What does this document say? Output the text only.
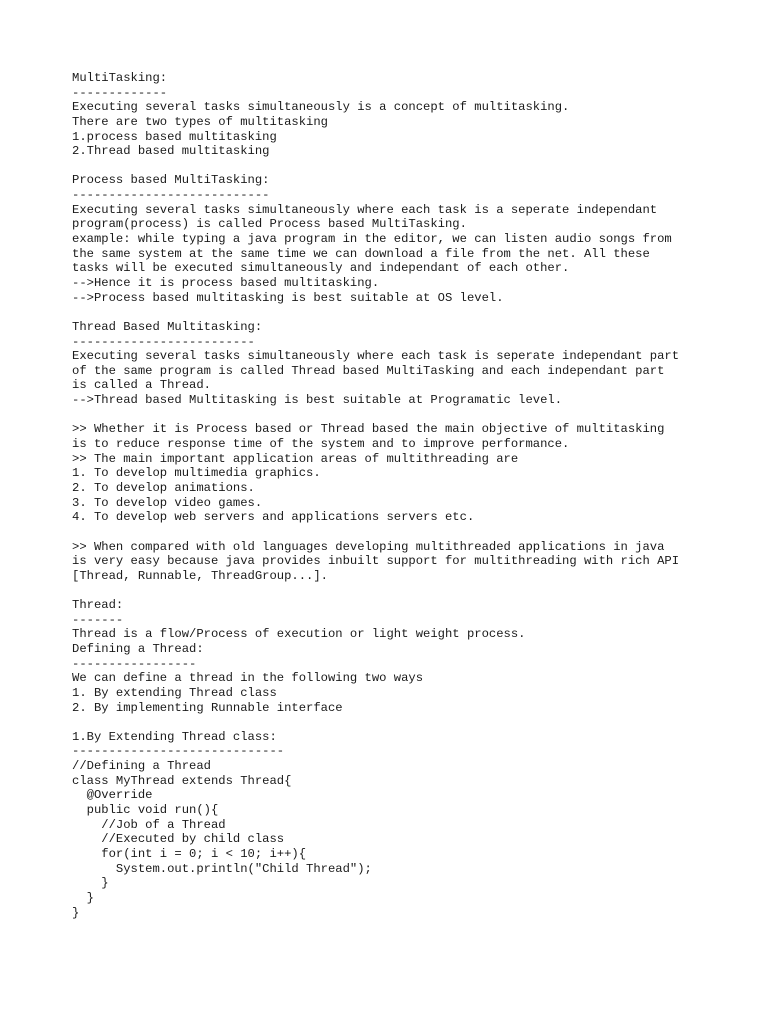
MultiTasking:
-------------
Executing several tasks simultaneously is a concept of multitasking.
There are two types of multitasking
1.process based multitasking
2.Thread based multitasking
Process based MultiTasking:
---------------------------
Executing several tasks simultaneously where each task is a seperate independant
program(process) is called Process based MultiTasking.
example: while typing a java program in the editor, we can listen audio songs from
the same system at the same time we can download a file from the net. All these
tasks will be executed simultaneously and independant of each other.
-->Hence it is process based multitasking.
-->Process based multitasking is best suitable at OS level.
Thread Based Multitasking:
-------------------------
Executing several tasks simultaneously where each task is seperate independant part
of the same program is called Thread based MultiTasking and each independant part
is called a Thread.
-->Thread based Multitasking is best suitable at Programatic level.
>> Whether it is Process based or Thread based the main objective of multitasking
is to reduce response time of the system and to improve performance.
>> The main important application areas of multithreading are
1. To develop multimedia graphics.
2. To develop animations.
3. To develop video games.
4. To develop web servers and applications servers etc.
>> When compared with old languages developing multithreaded applications in java
is very easy because java provides inbuilt support for multithreading with rich API
[Thread, Runnable, ThreadGroup...].
Thread:
-------
Thread is a flow/Process of execution or light weight process.
Defining a Thread:
-----------------
We can define a thread in the following two ways
1. By extending Thread class
2. By implementing Runnable interface
1.By Extending Thread class:
-----------------------------
//Defining a Thread
class MyThread extends Thread{
@Override
public void run(){
//Job of a Thread
//Executed by child class
for(int i = 0; i < 10; i++){
System.out.println("Child Thread");
}
}
}
